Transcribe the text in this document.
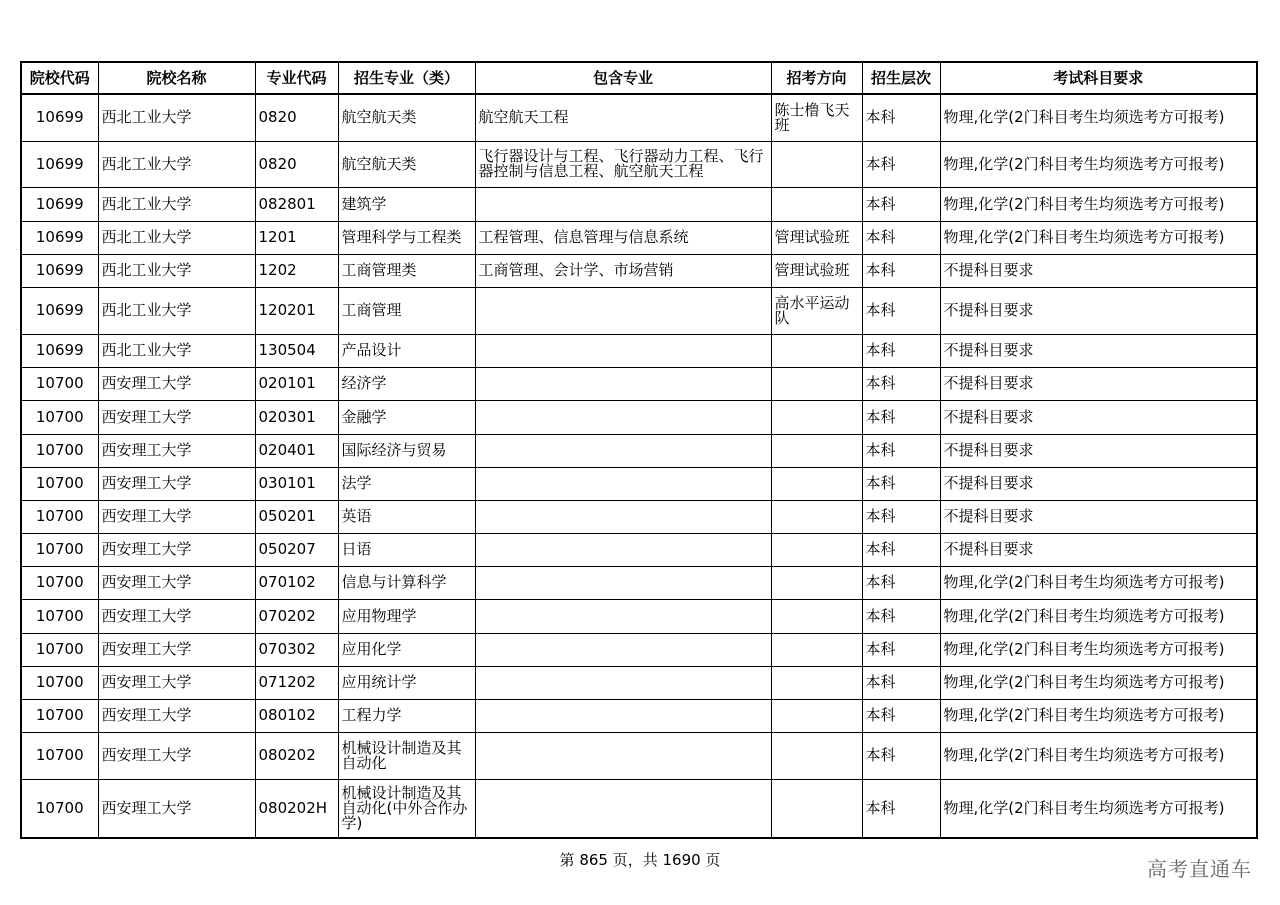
院校代码	院校名称	专业代码	招生专业（类）	包含专业	招考方向	招生层次	考试科目要求
10699	西北工业大学	0820	航空航天类	航空航天工程	陈士橹飞天班	本科	物理,化学(2门科目考生均须选考方可报考)
10699	西北工业大学	0820	航空航天类	飞行器设计与工程、飞行器动力工程、飞行器控制与信息工程、航空航天工程		本科	物理,化学(2门科目考生均须选考方可报考)
10699	西北工业大学	082801	建筑学			本科	物理,化学(2门科目考生均须选考方可报考)
10699	西北工业大学	1201	管理科学与工程类	工程管理、信息管理与信息系统	管理试验班	本科	物理,化学(2门科目考生均须选考方可报考)
10699	西北工业大学	1202	工商管理类	工商管理、会计学、市场营销	管理试验班	本科	不提科目要求
10699	西北工业大学	120201	工商管理		高水平运动队	本科	不提科目要求
10699	西北工业大学	130504	产品设计			本科	不提科目要求
10700	西安理工大学	020101	经济学			本科	不提科目要求
10700	西安理工大学	020301	金融学			本科	不提科目要求
10700	西安理工大学	020401	国际经济与贸易			本科	不提科目要求
10700	西安理工大学	030101	法学			本科	不提科目要求
10700	西安理工大学	050201	英语			本科	不提科目要求
10700	西安理工大学	050207	日语			本科	不提科目要求
10700	西安理工大学	070102	信息与计算科学			本科	物理,化学(2门科目考生均须选考方可报考)
10700	西安理工大学	070202	应用物理学			本科	物理,化学(2门科目考生均须选考方可报考)
10700	西安理工大学	070302	应用化学			本科	物理,化学(2门科目考生均须选考方可报考)
10700	西安理工大学	071202	应用统计学			本科	物理,化学(2门科目考生均须选考方可报考)
10700	西安理工大学	080102	工程力学			本科	物理,化学(2门科目考生均须选考方可报考)
10700	西安理工大学	080202	机械设计制造及其自动化			本科	物理,化学(2门科目考生均须选考方可报考)
10700	西安理工大学	080202H	机械设计制造及其自动化(中外合作办学)			本科	物理,化学(2门科目考生均须选考方可报考)
第 865 页，共 1690 页	高考直通车
